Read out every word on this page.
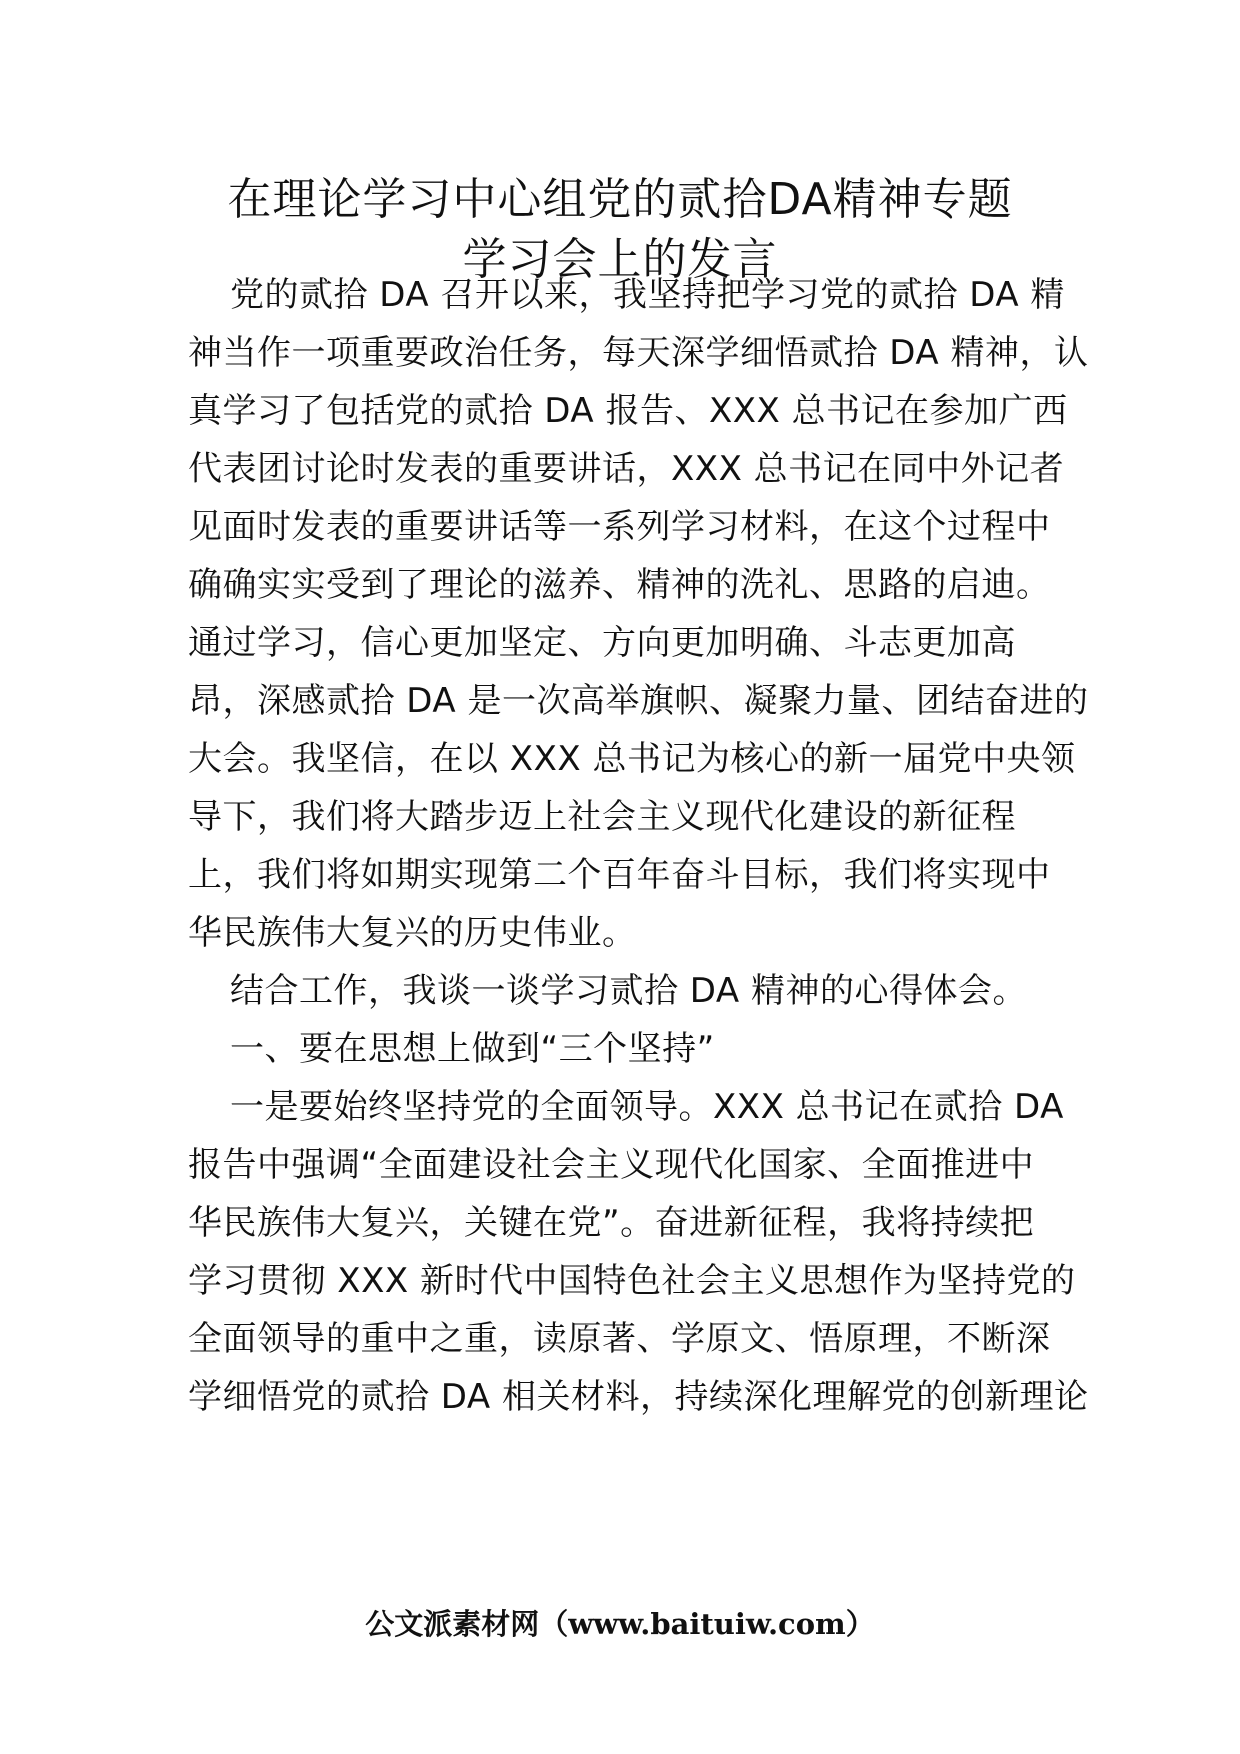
在理论学习中心组党的贰拾DA精神专题
学习会上的发言
党的贰拾 DA 召开以来，我坚持把学习党的贰拾 DA 精
神当作一项重要政治任务，每天深学细悟贰拾 DA 精神，认
真学习了包括党的贰拾 DA 报告、XXX 总书记在参加广西
代表团讨论时发表的重要讲话，XXX 总书记在同中外记者
见面时发表的重要讲话等一系列学习材料，在这个过程中
确确实实受到了理论的滋养、精神的洗礼、思路的启迪。
通过学习，信心更加坚定、方向更加明确、斗志更加高
昂，深感贰拾 DA 是一次高举旗帜、凝聚力量、团结奋进的
大会。我坚信，在以 XXX 总书记为核心的新一届党中央领
导下，我们将大踏步迈上社会主义现代化建设的新征程
上，我们将如期实现第二个百年奋斗目标，我们将实现中
华民族伟大复兴的历史伟业。
结合工作，我谈一谈学习贰拾 DA 精神的心得体会。
一、要在思想上做到“三个坚持”
一是要始终坚持党的全面领导。XXX 总书记在贰拾 DA
报告中强调“全面建设社会主义现代化国家、全面推进中
华民族伟大复兴，关键在党”。奋进新征程，我将持续把
学习贯彻 XXX 新时代中国特色社会主义思想作为坚持党的
全面领导的重中之重，读原著、学原文、悟原理，不断深
学细悟党的贰拾 DA 相关材料，持续深化理解党的创新理论
公文派素材网（www.baituiw.com）
